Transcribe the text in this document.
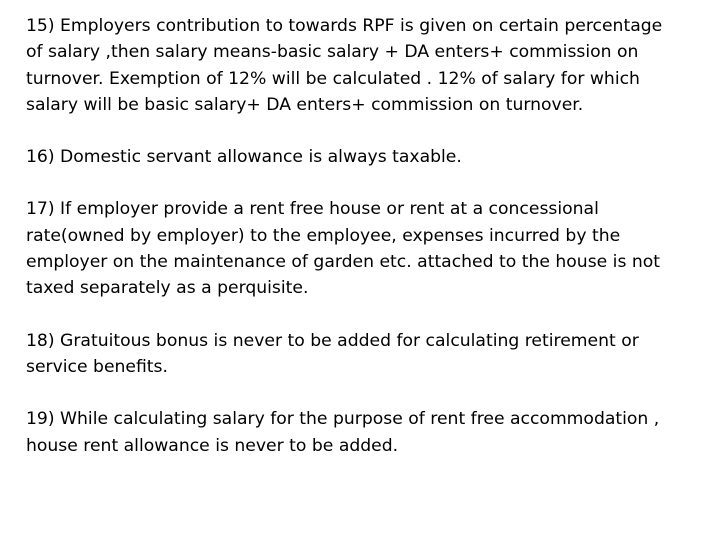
15) Employers contribution to towards RPF is given on certain percentage
of salary ,then salary means-basic salary + DA enters+ commission on
turnover. Exemption of 12% will be calculated . 12% of salary for which
salary will be basic salary+ DA enters+ commission on turnover.

16) Domestic servant allowance is always taxable.

17) If employer provide a rent free house or rent at a concessional
rate(owned by employer) to the employee, expenses incurred by the
employer on the maintenance of garden etc. attached to the house is not
taxed separately as a perquisite.

18) Gratuitous bonus is never to be added for calculating retirement or
service benefits.

19) While calculating salary for the purpose of rent free accommodation ,
house rent allowance is never to be added.
